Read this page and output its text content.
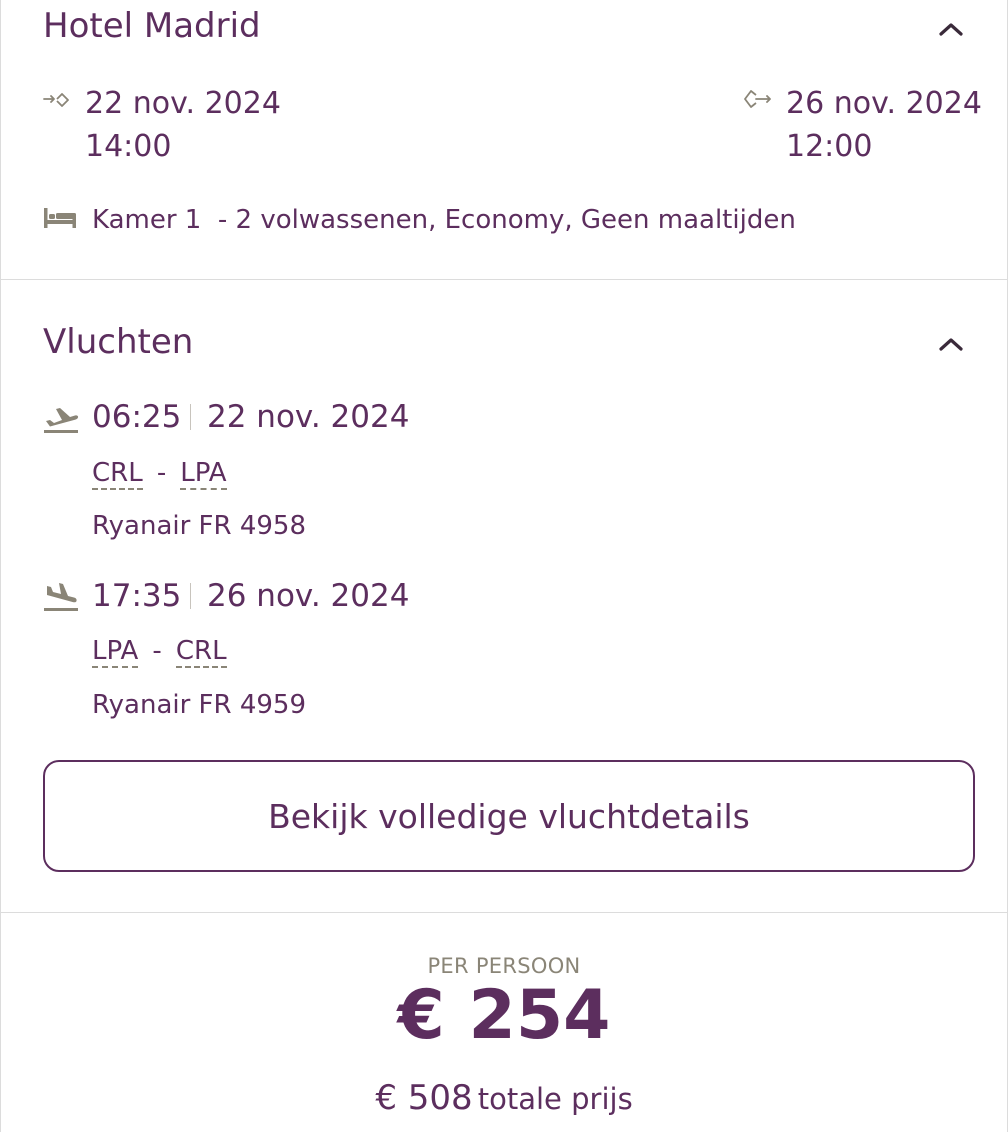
Hotel Madrid
22 nov. 2024
14:00
26 nov. 2024
12:00
Kamer 1 - 2 volwassenen, Economy, Geen maaltijden
Vluchten
06:25 22 nov. 2024
CRL - LPA
Ryanair FR 4958
17:35 26 nov. 2024
LPA - CRL
Ryanair FR 4959
Bekijk volledige vluchtdetails
PER PERSOON
€ 254
€ 508 totale prijs
